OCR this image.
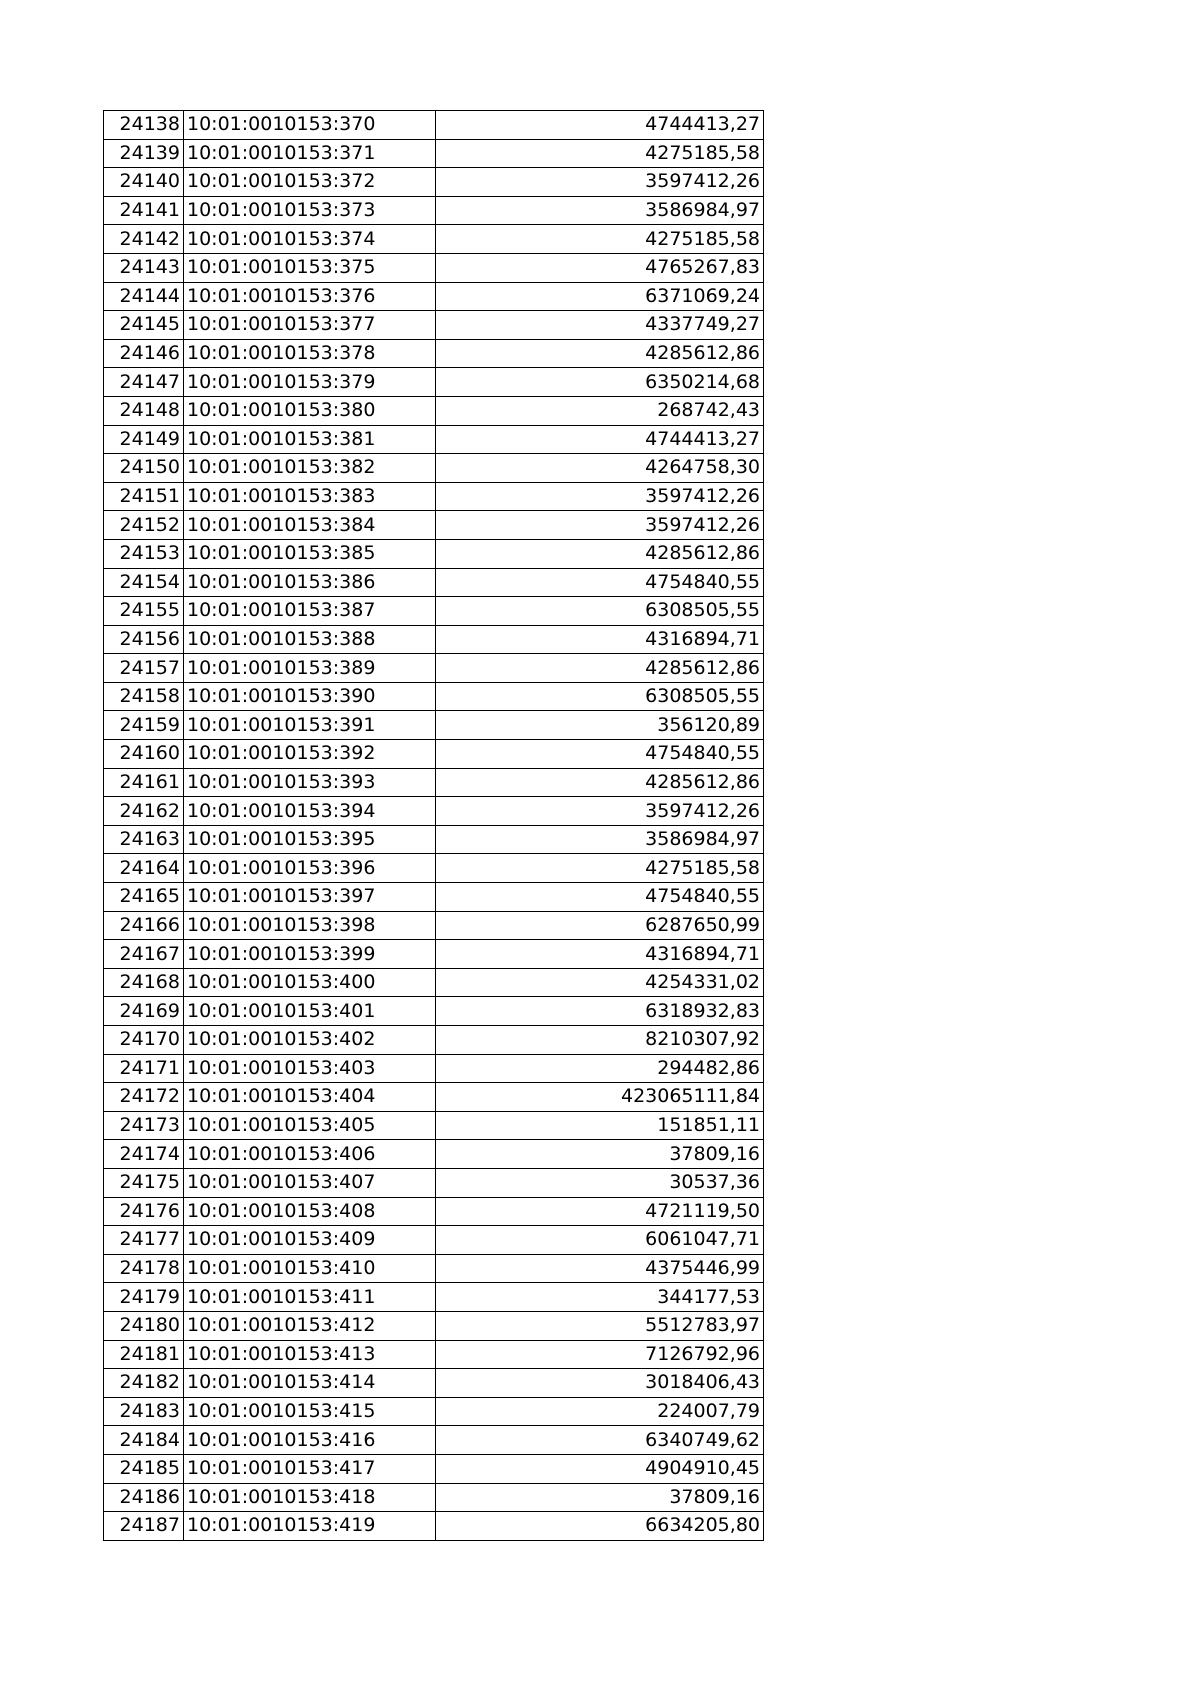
24138	10:01:0010153:370	4744413,27
24139	10:01:0010153:371	4275185,58
24140	10:01:0010153:372	3597412,26
24141	10:01:0010153:373	3586984,97
24142	10:01:0010153:374	4275185,58
24143	10:01:0010153:375	4765267,83
24144	10:01:0010153:376	6371069,24
24145	10:01:0010153:377	4337749,27
24146	10:01:0010153:378	4285612,86
24147	10:01:0010153:379	6350214,68
24148	10:01:0010153:380	268742,43
24149	10:01:0010153:381	4744413,27
24150	10:01:0010153:382	4264758,30
24151	10:01:0010153:383	3597412,26
24152	10:01:0010153:384	3597412,26
24153	10:01:0010153:385	4285612,86
24154	10:01:0010153:386	4754840,55
24155	10:01:0010153:387	6308505,55
24156	10:01:0010153:388	4316894,71
24157	10:01:0010153:389	4285612,86
24158	10:01:0010153:390	6308505,55
24159	10:01:0010153:391	356120,89
24160	10:01:0010153:392	4754840,55
24161	10:01:0010153:393	4285612,86
24162	10:01:0010153:394	3597412,26
24163	10:01:0010153:395	3586984,97
24164	10:01:0010153:396	4275185,58
24165	10:01:0010153:397	4754840,55
24166	10:01:0010153:398	6287650,99
24167	10:01:0010153:399	4316894,71
24168	10:01:0010153:400	4254331,02
24169	10:01:0010153:401	6318932,83
24170	10:01:0010153:402	8210307,92
24171	10:01:0010153:403	294482,86
24172	10:01:0010153:404	423065111,84
24173	10:01:0010153:405	151851,11
24174	10:01:0010153:406	37809,16
24175	10:01:0010153:407	30537,36
24176	10:01:0010153:408	4721119,50
24177	10:01:0010153:409	6061047,71
24178	10:01:0010153:410	4375446,99
24179	10:01:0010153:411	344177,53
24180	10:01:0010153:412	5512783,97
24181	10:01:0010153:413	7126792,96
24182	10:01:0010153:414	3018406,43
24183	10:01:0010153:415	224007,79
24184	10:01:0010153:416	6340749,62
24185	10:01:0010153:417	4904910,45
24186	10:01:0010153:418	37809,16
24187	10:01:0010153:419	6634205,80
